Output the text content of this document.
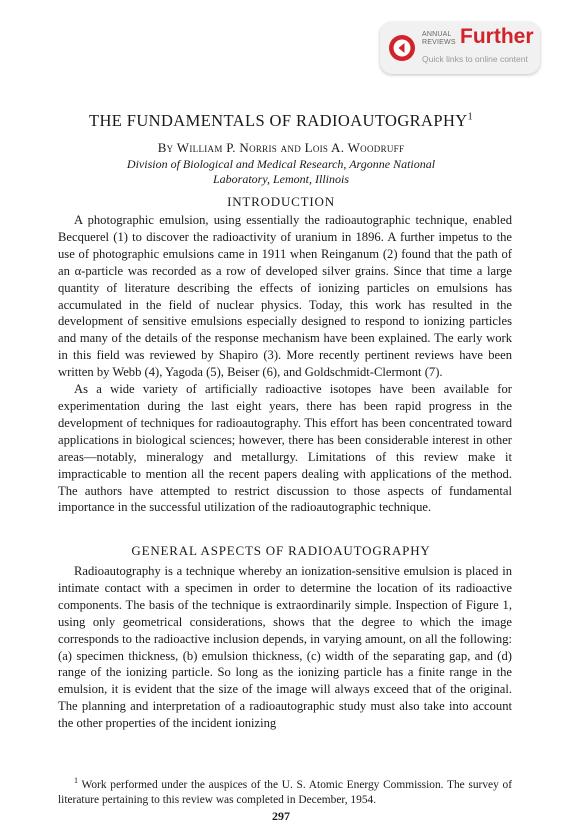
ANNUAL
REVIEWS Further
Quick links to online content
THE FUNDAMENTALS OF RADIOAUTOGRAPHY$^1$
By William P. Norris and Lois A. Woodruff
Division of Biological and Medical Research, Argonne National
Laboratory, Lemont, Illinois
INTRODUCTION

A photographic emulsion, using essentially the radioautographic technique, enabled Becquerel (1) to discover the radioactivity of uranium in 1896. A further impetus to the use of photographic emulsions came in 1911 when Reinganum (2) found that the path of an α-particle was recorded as a row of developed silver grains. Since that time a large quantity of literature describing the effects of ionizing particles on emulsions has accumulated in the field of nuclear physics. Today, this work has resulted in the development of sensitive emulsions especially designed to respond to ionizing particles and many of the details of the response mechanism have been explained. The early work in this field was reviewed by Shapiro (3). More recently pertinent reviews have been written by Webb (4), Yagoda (5), Beiser (6), and Goldschmidt-Clermont (7).

As a wide variety of artificially radioactive isotopes have been available for experimentation during the last eight years, there has been rapid progress in the development of techniques for radioautography. This effort has been concentrated toward applications in biological sciences; however, there has been considerable interest in other areas—notably, mineralogy and metallurgy. Limitations of this review make it impracticable to mention all the recent papers dealing with applications of the method. The authors have attempted to restrict discussion to those aspects of fundamental importance in the successful utilization of the radioautographic technique.

GENERAL ASPECTS OF RADIOAUTOGRAPHY

Radioautography is a technique whereby an ionization-sensitive emulsion is placed in intimate contact with a specimen in order to determine the location of its radioactive components. The basis of the technique is extraordinarily simple. Inspection of Figure 1, using only geometrical considerations, shows that the degree to which the image corresponds to the radioactive inclusion depends, in varying amount, on all the following: (a) specimen thickness, (b) emulsion thickness, (c) width of the separating gap, and (d) range of the ionizing particle. So long as the ionizing particle has a finite range in the emulsion, it is evident that the size of the image will always exceed that of the original. The planning and interpretation of a radioautographic study must also take into account the other properties of the incident ionizing

$^1$ Work performed under the auspices of the U. S. Atomic Energy Commission. The survey of literature pertaining to this review was completed in December, 1954.

297
